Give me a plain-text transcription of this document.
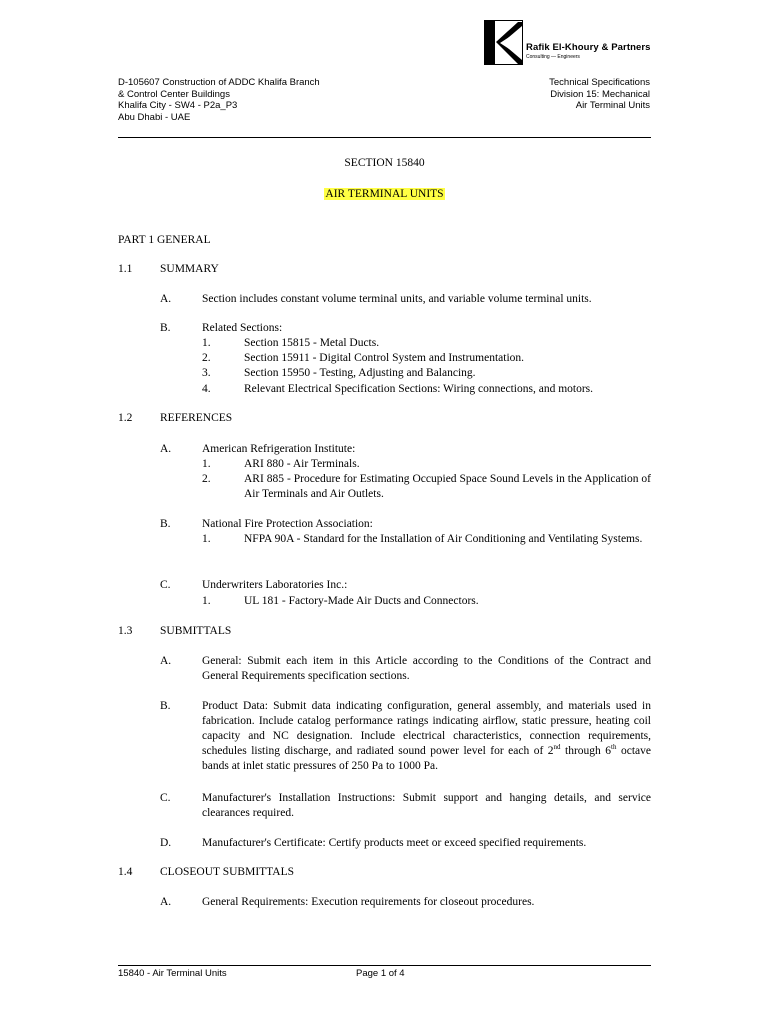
Rafik El-Khoury & Partners
Consulting — Engineers
D-105607 Construction of ADDC Khalifa Branch
& Control Center Buildings
Khalifa City - SW4 - P2a_P3
Abu Dhabi - UAE
Technical Specifications
Division 15: Mechanical
Air Terminal Units
SECTION 15840
AIR TERMINAL UNITS
PART 1 GENERAL
1.1 SUMMARY
A.	Section includes constant volume terminal units, and variable volume terminal units.
B.	Related Sections:
1.	Section 15815 - Metal Ducts.
2.	Section 15911 - Digital Control System and Instrumentation.
3.	Section 15950 - Testing, Adjusting and Balancing.
4.	Relevant Electrical Specification Sections: Wiring connections, and motors.
1.2 REFERENCES
A.	American Refrigeration Institute:
1.	ARI 880 - Air Terminals.
2.	ARI 885 - Procedure for Estimating Occupied Space Sound Levels in the Application of Air Terminals and Air Outlets.
B.	National Fire Protection Association:
1.	NFPA 90A - Standard for the Installation of Air Conditioning and Ventilating Systems.
C.	Underwriters Laboratories Inc.:
1.	UL 181 - Factory-Made Air Ducts and Connectors.
1.3 SUBMITTALS
A.	General: Submit each item in this Article according to the Conditions of the Contract and General Requirements specification sections.
B.	Product Data: Submit data indicating configuration, general assembly, and materials used in fabrication. Include catalog performance ratings indicating airflow, static pressure, heating coil capacity and NC designation. Include electrical characteristics, connection requirements, schedules listing discharge, and radiated sound power level for each of 2nd through 6th octave bands at inlet static pressures of 250 Pa to 1000 Pa.
C.	Manufacturer's Installation Instructions: Submit support and hanging details, and service clearances required.
D.	Manufacturer's Certificate: Certify products meet or exceed specified requirements.
1.4 CLOSEOUT SUBMITTALS
A.	General Requirements: Execution requirements for closeout procedures.
15840 - Air Terminal Units	Page 1 of 4
